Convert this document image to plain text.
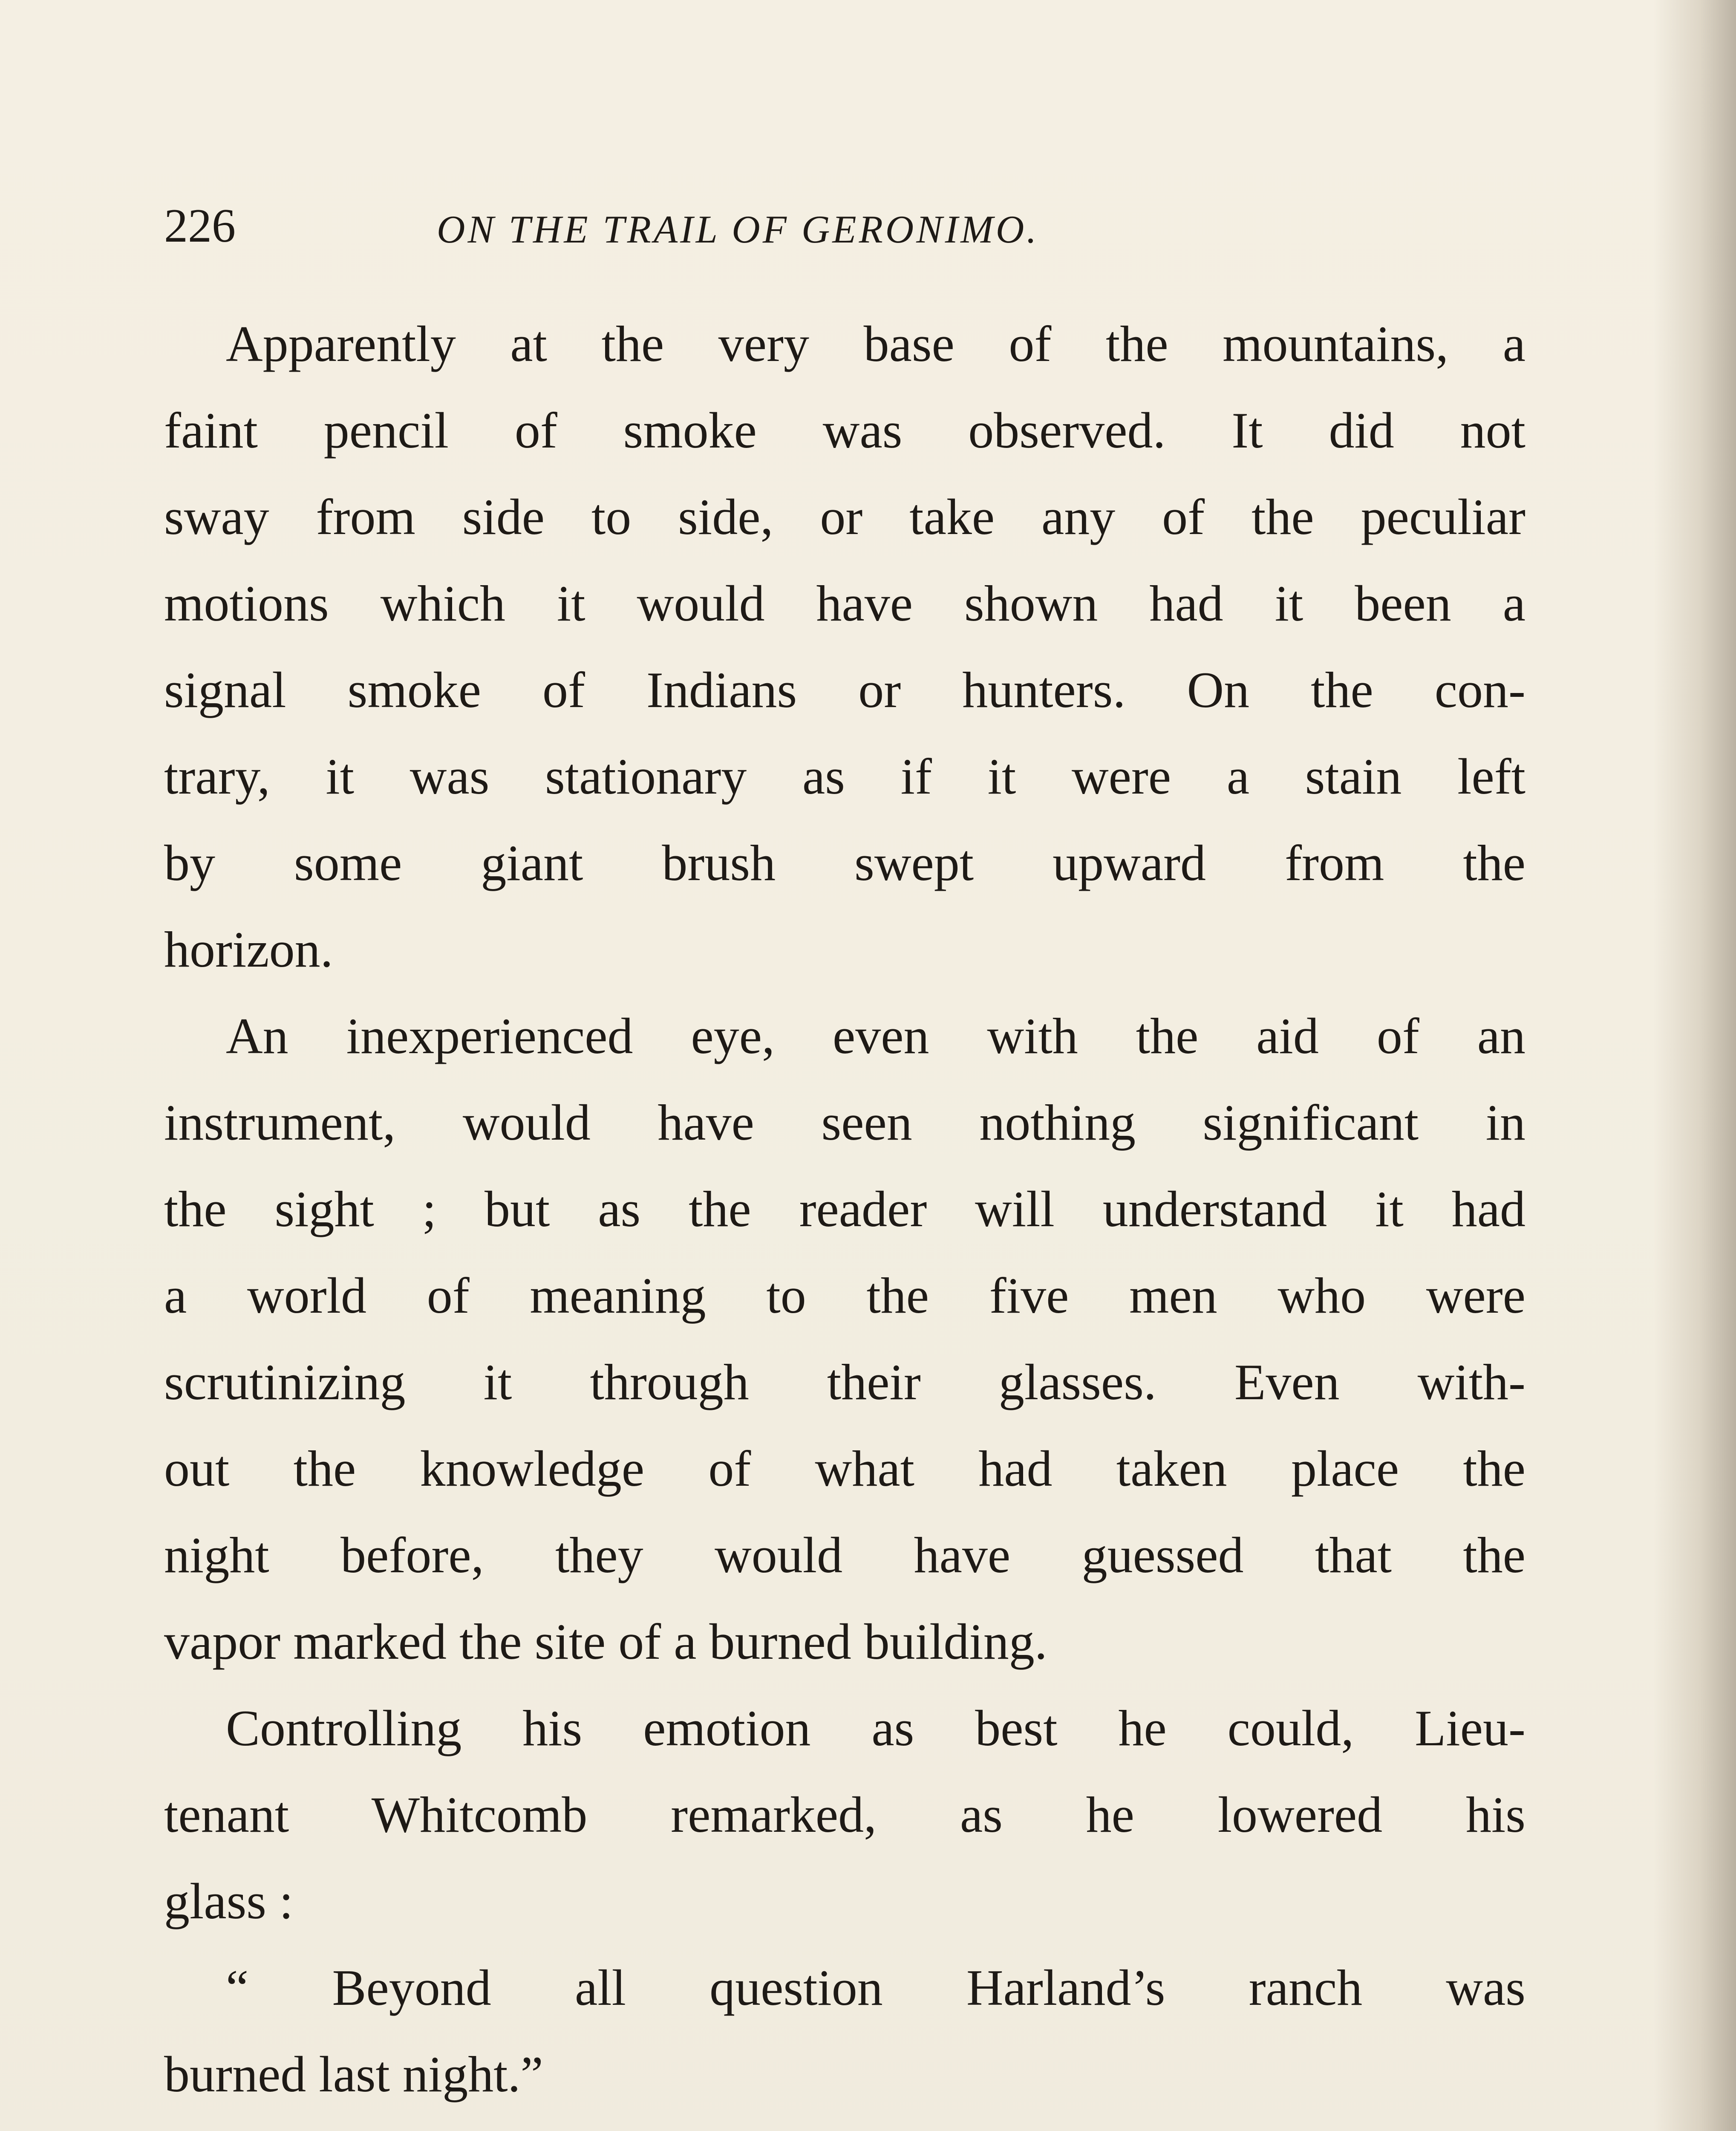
226	ON THE TRAIL OF GERONIMO.
Apparently at the very base of the mountains, a
faint pencil of smoke was observed. It did not
sway from side to side, or take any of the peculiar
motions which it would have shown had it been a
signal smoke of Indians or hunters. On the con-
trary, it was stationary as if it were a stain left
by some giant brush swept upward from the
horizon.
An inexperienced eye, even with the aid of an
instrument, would have seen nothing significant in
the sight ; but as the reader will understand it had
a world of meaning to the five men who were
scrutinizing it through their glasses. Even with-
out the knowledge of what had taken place the
night before, they would have guessed that the
vapor marked the site of a burned building.
Controlling his emotion as best he could, Lieu-
tenant Whitcomb remarked, as he lowered his
glass :
“ Beyond all question Harland’s ranch was
burned last night.”
